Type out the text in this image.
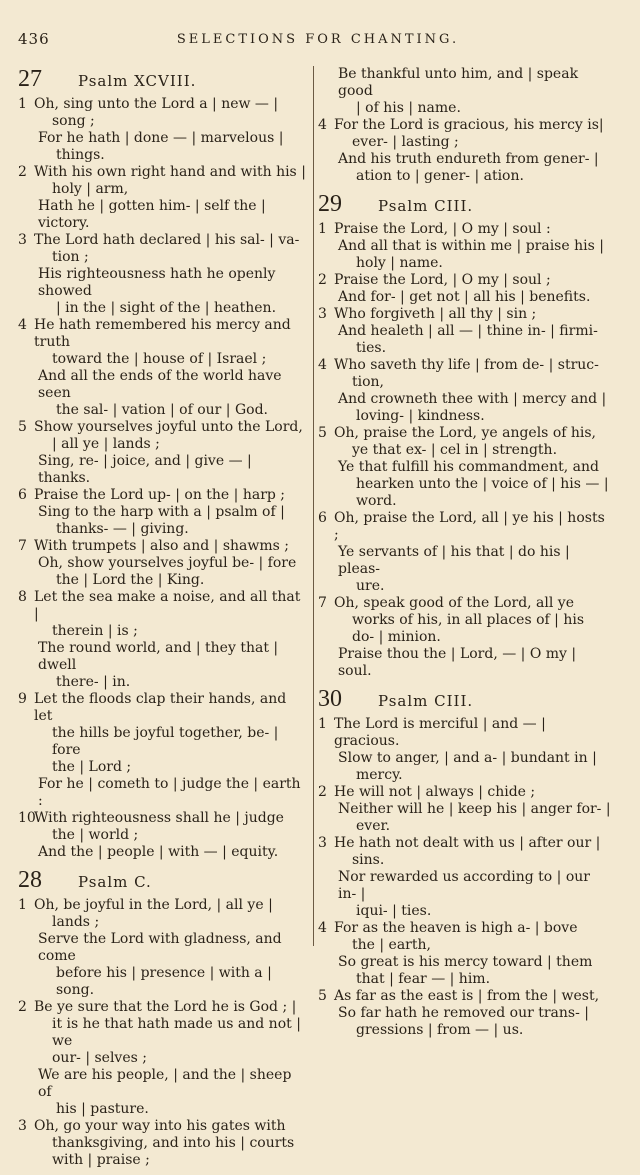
436	SELECTIONS FOR CHANTING.
27	Psalm XCVIII.
1 Oh, sing unto the Lord a | new — |
song ;
For he hath | done — | marvelous |
things.
2 With his own right hand and with his |
holy | arm,
Hath he | gotten him- | self the | victory.
3 The Lord hath declared | his sal- | va-
tion ;
His righteousness hath he openly showed
| in the | sight of the | heathen.
4 He hath remembered his mercy and truth
toward the | house of | Israel ;
And all the ends of the world have seen
the sal- | vation | of our | God.
5 Show yourselves joyful unto the Lord,
| all ye | lands ;
Sing, re- | joice, and | give — | thanks.
6 Praise the Lord up- | on the | harp ;
Sing to the harp with a | psalm of |
thanks- — | giving.
7 With trumpets | also and | shawms ;
Oh, show yourselves joyful be- | fore
the | Lord the | King.
8 Let the sea make a noise, and all that |
therein | is ;
The round world, and | they that | dwell
there- | in.
9 Let the floods clap their hands, and let
the hills be joyful together, be- | fore
the | Lord ;
For he | cometh to | judge the | earth :
10
With righteousness shall he | judge
the | world ;
And the | people | with — | equity.
28	Psalm C.
1 Oh, be joyful in the Lord, | all ye |
lands ;
Serve the Lord with gladness, and come
before his | presence | with a | song.
2 Be ye sure that the Lord he is God ; |
it is he that hath made us and not | we
our- | selves ;
We are his people, | and the | sheep of
his | pasture.
3 Oh, go your way into his gates with
thanksgiving, and into his | courts
with | praise ;
Be thankful unto him, and | speak good
| of his | name.
4 For the Lord is gracious, his mercy is|
ever- | lasting ;
And his truth endureth from gener- |
ation to | gener- | ation.
29	Psalm CIII.
1 Praise the Lord, | O my | soul :
And all that is within me | praise his |
holy | name.
2 Praise the Lord, | O my | soul ;
And for- | get not | all his | benefits.
3 Who forgiveth | all thy | sin ;
And healeth | all — | thine in- | firmi-
ties.
4 Who saveth thy life | from de- | struc-
tion,
And crowneth thee with | mercy and |
loving- | kindness.
5 Oh, praise the Lord, ye angels of his,
ye that ex- | cel in | strength.
Ye that fulfill his commandment, and
hearken unto the | voice of | his — |
word.
6 Oh, praise the Lord, all | ye his | hosts ;
Ye servants of | his that | do his | pleas-
ure.
7 Oh, speak good of the Lord, all ye
works of his, in all places of | his
do- | minion.
Praise thou the | Lord, — | O my | soul.
30	Psalm CIII.
1 The Lord is merciful | and — | gracious.
Slow to anger, | and a- | bundant in |
mercy.
2 He will not | always | chide ;
Neither will he | keep his | anger for- |
ever.
3 He hath not dealt with us | after our |
sins.
Nor rewarded us according to | our in- |
iqui- | ties.
4 For as the heaven is high a- | bove
the | earth,
So great is his mercy toward | them
that | fear — | him.
5 As far as the east is | from the | west,
So far hath he removed our trans- |
gressions | from — | us.
